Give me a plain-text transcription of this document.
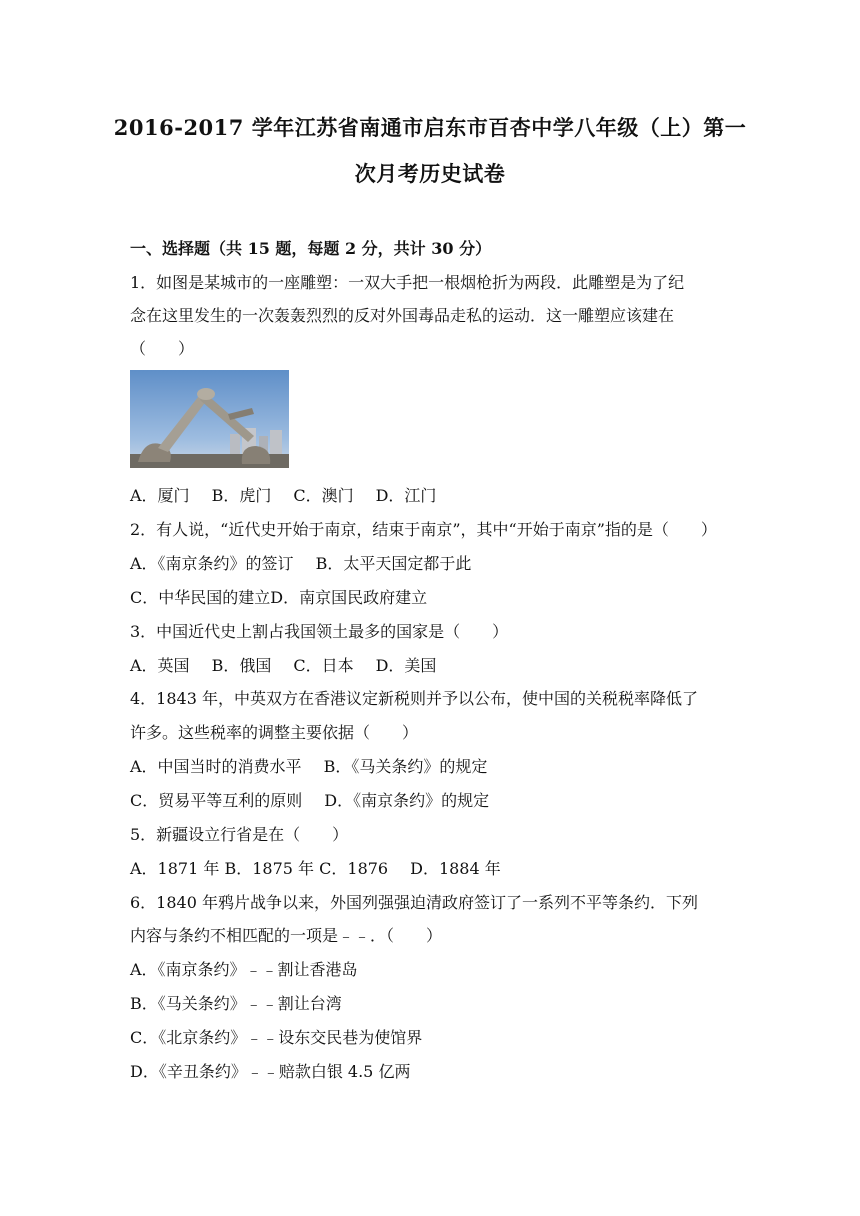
2016-2017 学年江苏省南通市启东市百杏中学八年级（上）第一
次月考历史试卷
一、选择题（共 15 题，每题 2 分，共计 30 分）
1．如图是某城市的一座雕塑：一双大手把一根烟枪折为两段．此雕塑是为了纪
念在这里发生的一次轰轰烈烈的反对外国毒品走私的运动．这一雕塑应该建在
（　　）
A．厦门 B．虎门 C．澳门 D．江门
2．有人说，“近代史开始于南京，结束于南京”，其中“开始于南京”指的是（　　）
A．《南京条约》的签订 B．太平天国定都于此
C．中华民国的建立D．南京国民政府建立
3．中国近代史上割占我国领土最多的国家是（　　）
A．英国 B．俄国 C．日本 D．美国
4．1843 年，中英双方在香港议定新税则并予以公布，使中国的关税税率降低了
许多。这些税率的调整主要依据（　　）
A．中国当时的消费水平 B．《马关条约》的规定
C．贸易平等互利的原则 D．《南京条约》的规定
5．新疆设立行省是在（　　）
A．1871 年 B．1875 年 C．1876 D．1884 年
6．1840 年鸦片战争以来，外国列强强迫清政府签订了一系列不平等条约．下列
内容与条约不相匹配的一项是﹣﹣．（　　）
A．《南京条约》﹣﹣割让香港岛
B．《马关条约》﹣﹣割让台湾
C．《北京条约》﹣﹣设东交民巷为使馆界
D．《辛丑条约》﹣﹣赔款白银 4.5 亿两
